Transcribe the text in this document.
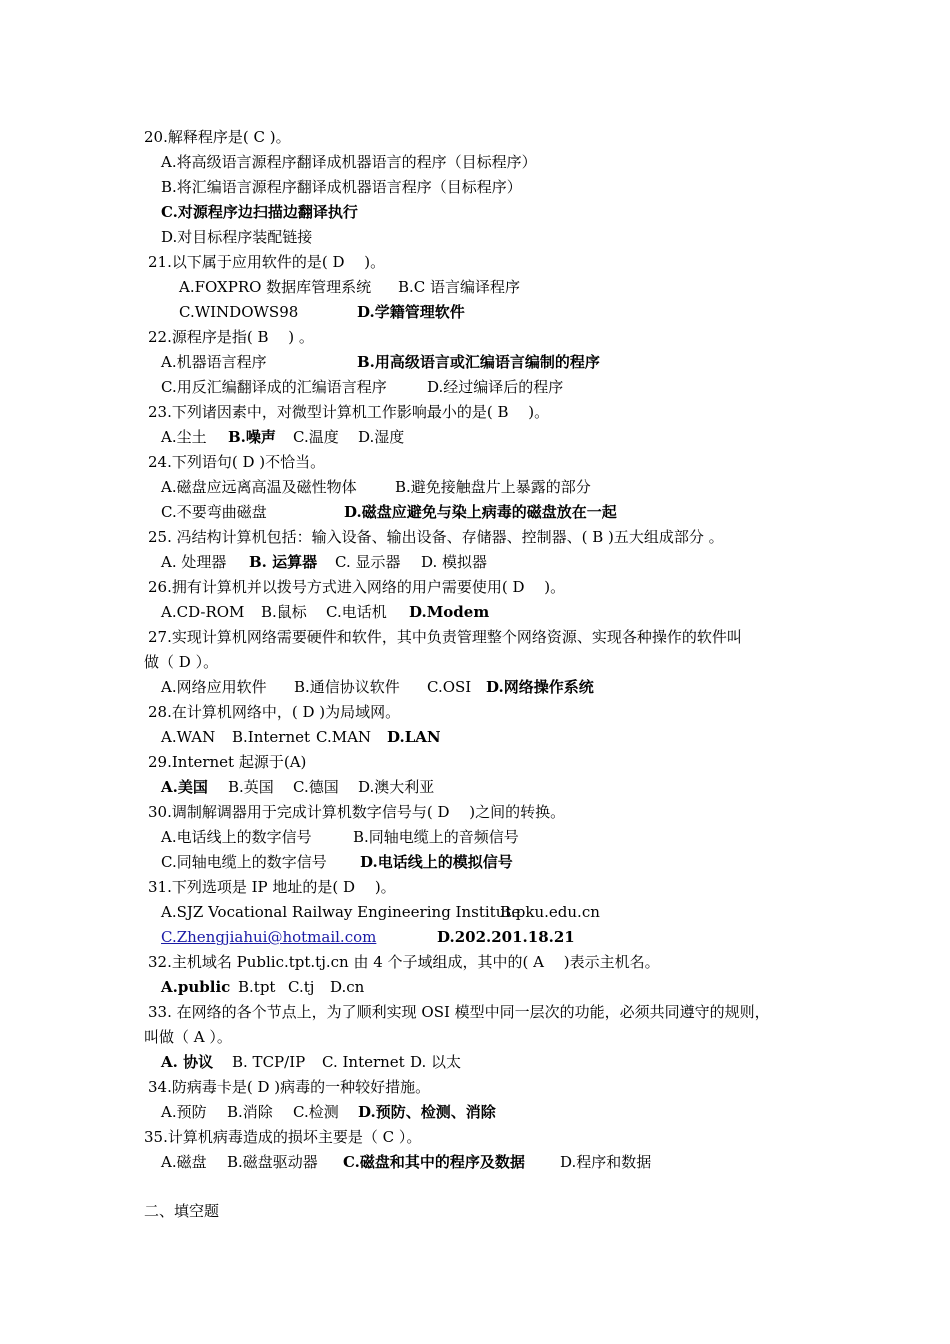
20.解释程序是( C )。
A.将高级语言源程序翻译成机器语言的程序（目标程序）
B.将汇编语言源程序翻译成机器语言程序（目标程序）
C.对源程序边扫描边翻译执行
D.对目标程序装配链接
21.以下属于应用软件的是( D　 )。
A.FOXPRO 数据库管理系统 B.C 语言编译程序
C.WINDOWS98	D.学籍管理软件
22.源程序是指( B　 ) 。
A.机器语言程序	B.用高级语言或汇编语言编制的程序
C.用反汇编翻译成的汇编语言程序	D.经过编译后的程序
23.下列诸因素中，对微型计算机工作影响最小的是( B　 )。
A.尘土 B.噪声 C.温度 D.湿度
24.下列语句( D )不恰当。
A.磁盘应远离高温及磁性物体	B.避免接触盘片上暴露的部分
C.不要弯曲磁盘	D.磁盘应避免与染上病毒的磁盘放在一起
25. 冯结构计算机包括：输入设备、输出设备、存储器、控制器、( B )五大组成部分 。
A. 处理器 B. 运算器 C. 显示器 D. 模拟器
26.拥有计算机并以拨号方式进入网络的用户需要使用( D　 )。
A.CD-ROM B.鼠标 C.电话机 D.Modem
27.实现计算机网络需要硬件和软件，其中负责管理整个网络资源、实现各种操作的软件叫
做（ D ）。
A.网络应用软件 B.通信协议软件 C.OSI D.网络操作系统
28.在计算机网络中，( D )为局域网。
A.WAN B.Internet C.MAN D.LAN
29.Internet 起源于(A)
A.美国 B.英国 C.德国 D.澳大利亚
30.调制解调器用于完成计算机数字信号与( D　 )之间的转换。
A.电话线上的数字信号	B.同轴电缆上的音频信号
C.同轴电缆上的数字信号 D.电话线上的模拟信号
31.下列选项是 IP 地址的是( D　 )。
A.SJZ Vocational Railway Engineering Institute
B.pku.edu.cn
C.Zhengjiahui@hotmail.com	D.202.201.18.21
32.主机域名 Public.tpt.tj.cn 由 4 个子域组成，其中的( A　 )表示主机名。
A.public B.tpt C.tj D.cn
33. 在网络的各个节点上，为了顺利实现 OSI 模型中同一层次的功能，必须共同遵守的规则，
叫做（ A ）。
A. 协议 B. TCP/IP C. Internet D. 以太
34.防病毒卡是( D )病毒的一种较好措施。
A.预防 B.消除 C.检测 D.预防、检测、消除
35.计算机病毒造成的损坏主要是（ C ）。
A.磁盘 B.磁盘驱动器 C.磁盘和其中的程序及数据 D.程序和数据
二、填空题
